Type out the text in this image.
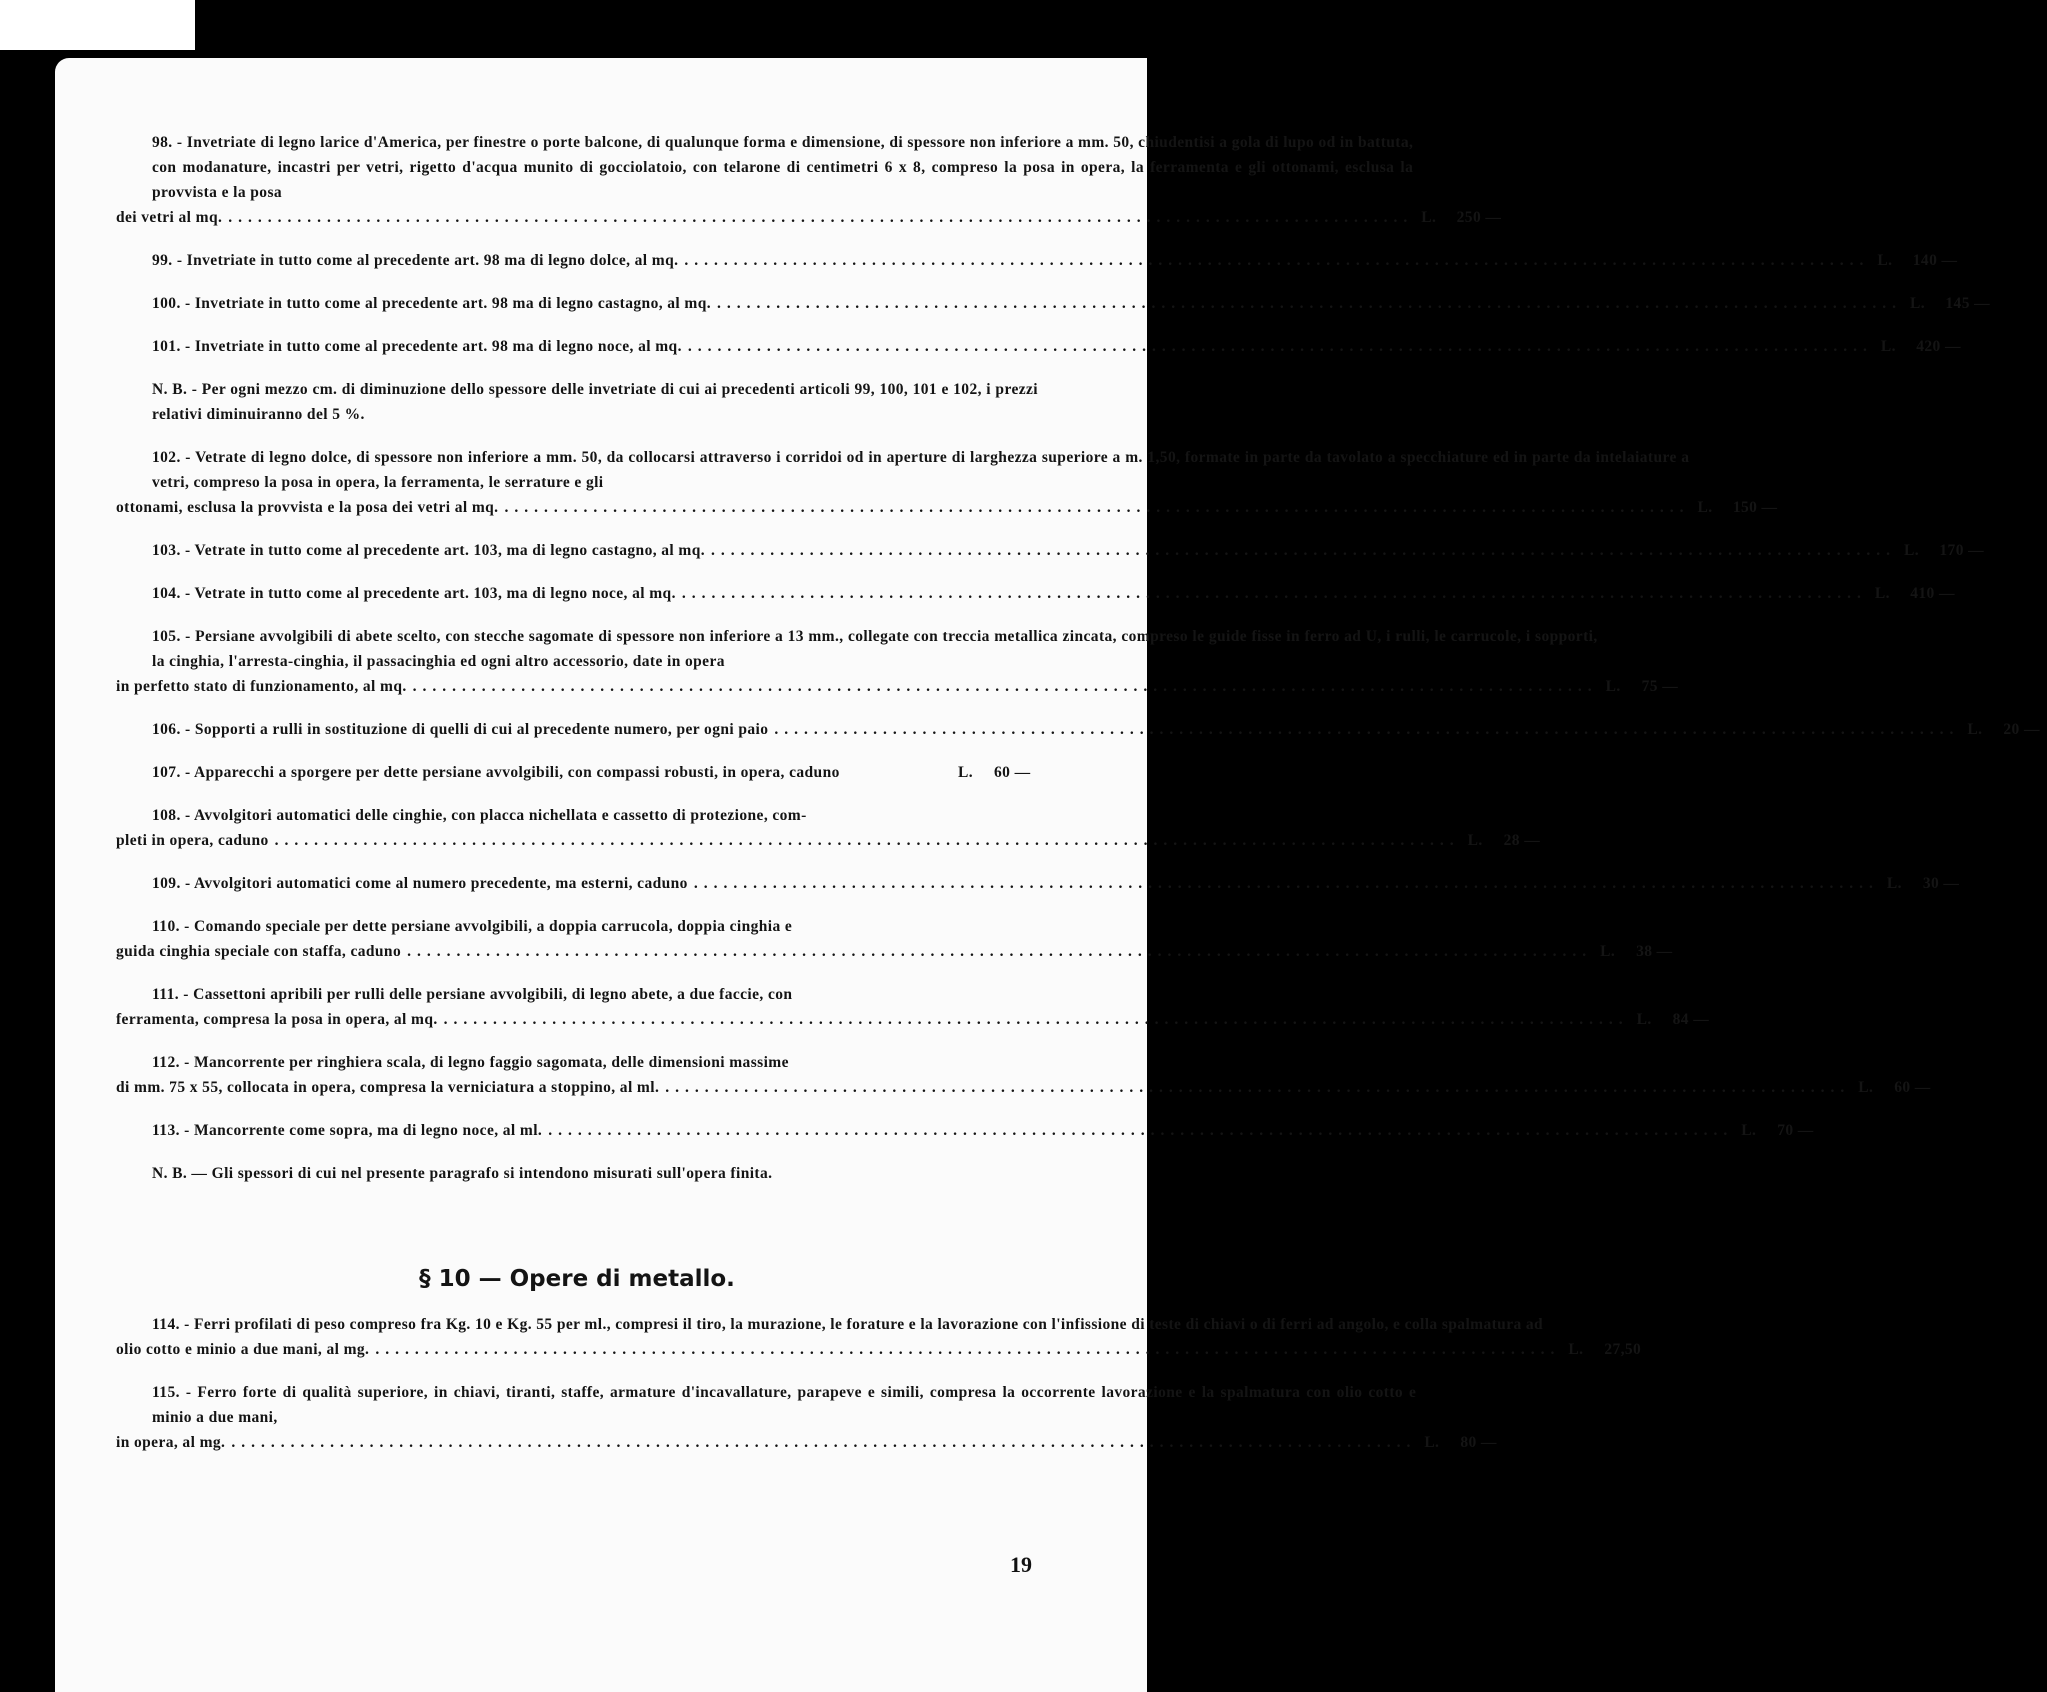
98. - Invetriate di legno larice d'America, per finestre o porte balcone, di qualunque forma e dimensione, di spessore non inferiore a mm. 50, chiudentisi a gola di lupo od in battuta, con modanature, incastri per vetri, rigetto d'acqua munito di gocciolatoio, con telarone di centimetri 6 x 8, compreso la posa in opera, la ferramenta e gli ottonami, esclusa la provvista e la posa
dei vetri al mq. ........................................................................................................................ L.	250 —
99. - Invetriate in tutto come al precedente art. 98 ma di legno dolce, al mq. ........................................................................................................................ L.	140 —
100. - Invetriate in tutto come al precedente art. 98 ma di legno castagno, al mq. ........................................................................................................................ L.	145 —
101. - Invetriate in tutto come al precedente art. 98 ma di legno noce, al mq. ........................................................................................................................ L.	420 —
N. B. - Per ogni mezzo cm. di diminuzione dello spessore delle invetriate di cui ai precedenti articoli 99, 100, 101 e 102, i prezzi relativi diminuiranno del 5 %.
102. - Vetrate di legno dolce, di spessore non inferiore a mm. 50, da collocarsi attraverso i corridoi od in aperture di larghezza superiore a m. 1,50, formate in parte da tavolato a specchiature ed in parte da intelaiature a vetri, compreso la posa in opera, la ferramenta, le serrature e gli
ottonami, esclusa la provvista e la posa dei vetri al mq. ........................................................................................................................ L.	150 —
103. - Vetrate in tutto come al precedente art. 103, ma di legno castagno, al mq. ........................................................................................................................ L.	170 —
104. - Vetrate in tutto come al precedente art. 103, ma di legno noce, al mq. ........................................................................................................................ L.	410 —
105. - Persiane avvolgibili di abete scelto, con stecche sagomate di spessore non inferiore a 13 mm., collegate con treccia metallica zincata, compreso le guide fisse in ferro ad U, i rulli, le carrucole, i sopporti, la cinghia, l'arresta-cinghia, il passacinghia ed ogni altro accessorio, date in opera
in perfetto stato di funzionamento, al mq. ........................................................................................................................ L.	75 —
106. - Sopporti a rulli in sostituzione di quelli di cui al precedente numero, per ogni paio ........................................................................................................................ L.	20 —
107. - Apparecchi a sporgere per dette persiane avvolgibili, con compassi robusti, in opera, caduno	L.	60 —
108. - Avvolgitori automatici delle cinghie, con placca nichellata e cassetto di protezione, com-
pleti in opera, caduno ........................................................................................................................ L.	28 —
109. - Avvolgitori automatici come al numero precedente, ma esterni, caduno ........................................................................................................................ L.	30 —
110. - Comando speciale per dette persiane avvolgibili, a doppia carrucola, doppia cinghia e
guida cinghia speciale con staffa, caduno ........................................................................................................................ L.	38 —
111. - Cassettoni apribili per rulli delle persiane avvolgibili, di legno abete, a due faccie, con
ferramenta, compresa la posa in opera, al mq. ........................................................................................................................ L.	84 —
112. - Mancorrente per ringhiera scala, di legno faggio sagomata, delle dimensioni massime
di mm. 75 x 55, collocata in opera, compresa la verniciatura a stoppino, al ml. ........................................................................................................................ L.	60 —
113. - Mancorrente come sopra, ma di legno noce, al ml. ........................................................................................................................ L.	70 —
N. B. — Gli spessori di cui nel presente paragrafo si intendono misurati sull'opera finita.
§ 10 — Opere di metallo.
114. - Ferri profilati di peso compreso fra Kg. 10 e Kg. 55 per ml., compresi il tiro, la murazione, le forature e la lavorazione con l'infissione di teste di chiavi o di ferri ad angolo, e colla spalmatura ad
olio cotto e minio a due mani, al mg. ........................................................................................................................ L.	27,50
115. - Ferro forte di qualità superiore, in chiavi, tiranti, staffe, armature d'incavallature, parapeve e simili, compresa la occorrente lavorazione e la spalmatura con olio cotto e minio a due mani,
in opera, al mg. ........................................................................................................................ L.	80 —
19
